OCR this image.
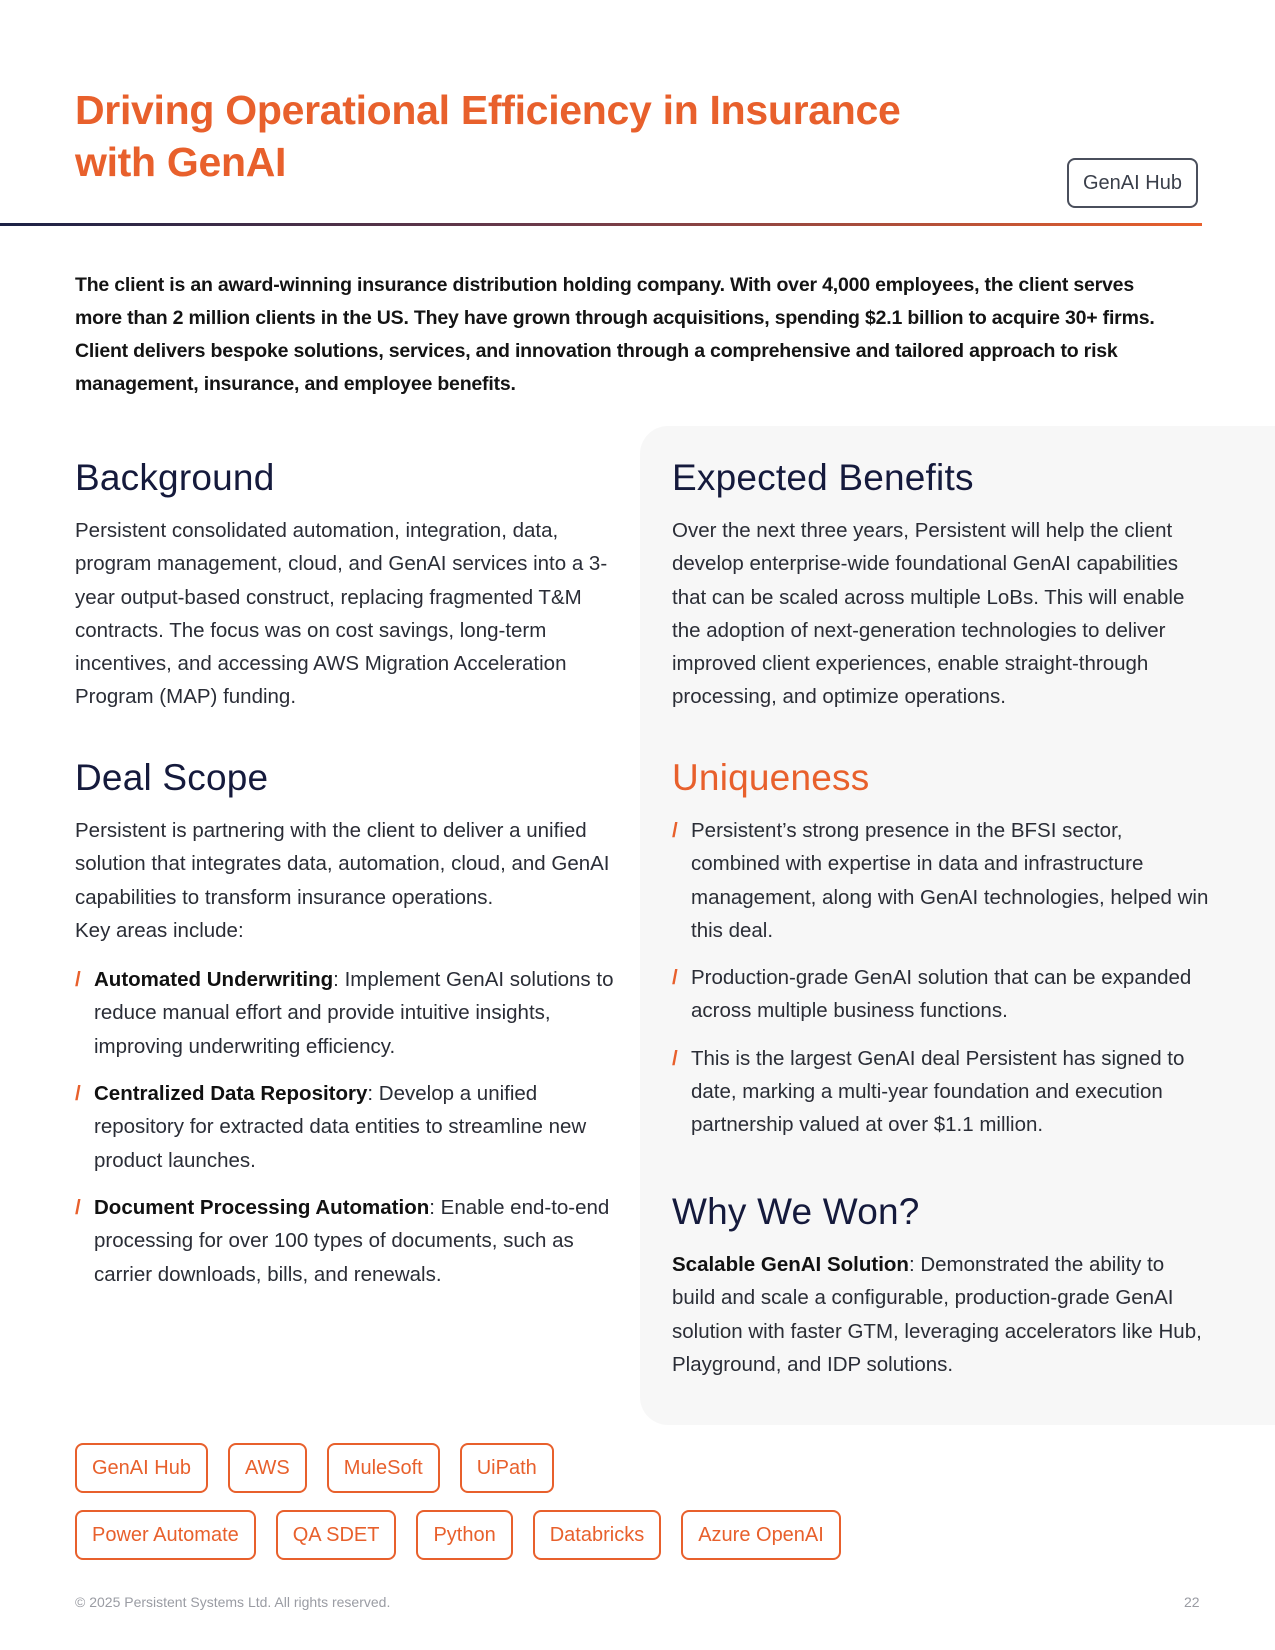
Driving Operational Efficiency in Insurance
with GenAI	GenAI Hub

The client is an award-winning insurance distribution holding company. With over 4,000 employees, the client serves more than 2 million clients in the US. They have grown through acquisitions, spending $2.1 billion to acquire 30+ firms. Client delivers bespoke solutions, services, and innovation through a comprehensive and tailored approach to risk management, insurance, and employee benefits.

Background

Persistent consolidated automation, integration, data, program management, cloud, and GenAI services into a 3-year output-based construct, replacing fragmented T&M contracts. The focus was on cost savings, long-term incentives, and accessing AWS Migration Acceleration Program (MAP) funding.

Deal Scope

Persistent is partnering with the client to deliver a unified solution that integrates data, automation, cloud, and GenAI capabilities to transform insurance operations.

Key areas include:

/ Automated Underwriting: Implement GenAI solutions to reduce manual effort and provide intuitive insights, improving underwriting efficiency.
/ Centralized Data Repository: Develop a unified repository for extracted data entities to streamline new product launches.
/ Document Processing Automation: Enable end-to-end processing for over 100 types of documents, such as carrier downloads, bills, and renewals.
Expected Benefits

Over the next three years, Persistent will help the client develop enterprise-wide foundational GenAI capabilities that can be scaled across multiple LoBs. This will enable the adoption of next-generation technologies to deliver improved client experiences, enable straight-through processing, and optimize operations.

Uniqueness
/ Persistent’s strong presence in the BFSI sector, combined with expertise in data and infrastructure management, along with GenAI technologies, helped win this deal.
/ Production-grade GenAI solution that can be expanded across multiple business functions.
/ This is the largest GenAI deal Persistent has signed to date, marking a multi-year foundation and execution partnership valued at over $1.1 million.
Why We Won?

Scalable GenAI Solution: Demonstrated the ability to build and scale a configurable, production-grade GenAI solution with faster GTM, leveraging accelerators like Hub, Playground, and IDP solutions.

GenAI Hub	AWS	MuleSoft	UiPath
Power Automate	QA SDET	Python	Databricks	Azure OpenAI
© 2025 Persistent Systems Ltd. All rights reserved.	22
